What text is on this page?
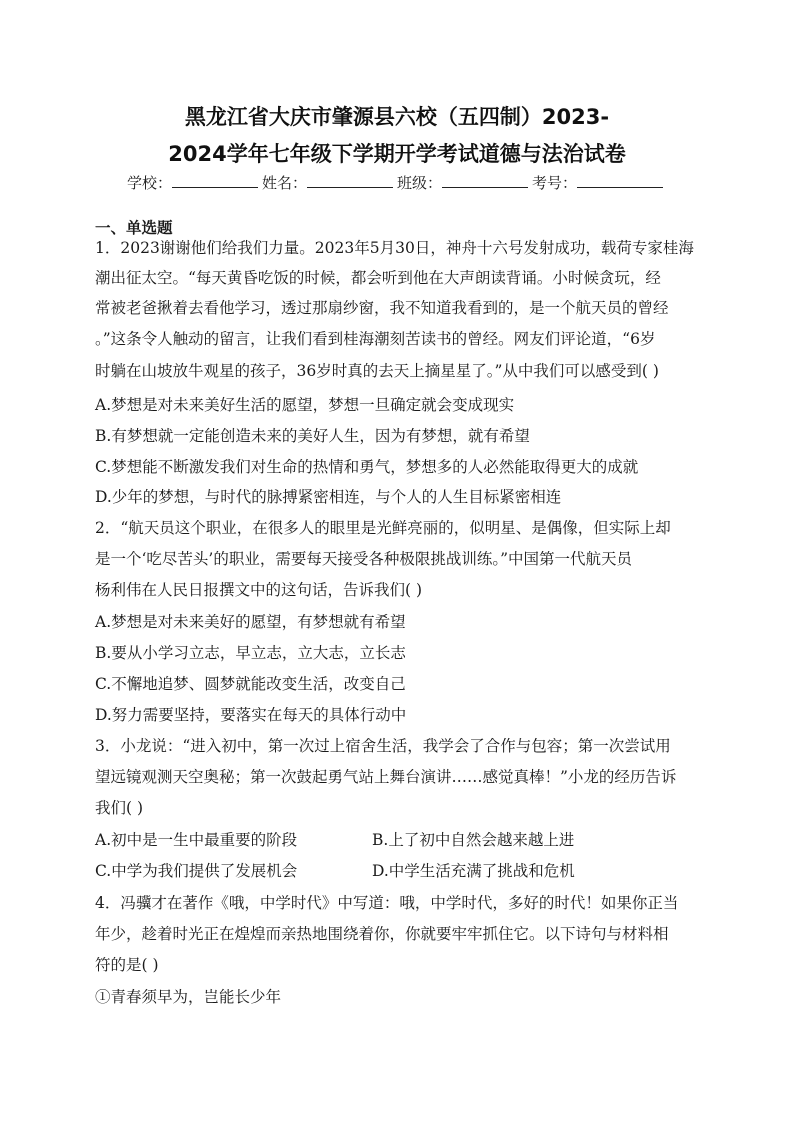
黑龙江省大庆市肇源县六校（五四制）2023-
2024学年七年级下学期开学考试道德与法治试卷
学校：	姓名：	班级：	考号：
一、单选题
1．2023谢谢他们给我们力量。2023年5月30日，神舟十六号发射成功，载荷专家桂海
潮出征太空。“每天黄昏吃饭的时候，都会听到他在大声朗读背诵。小时候贪玩，经
常被老爸揪着去看他学习，透过那扇纱窗，我不知道我看到的，是一个航天员的曾经
。”这条令人触动的留言，让我们看到桂海潮刻苦读书的曾经。网友们评论道，“6岁
时躺在山坡放牛观星的孩子，36岁时真的去天上摘星星了。”从中我们可以感受到( )
A.梦想是对未来美好生活的愿望，梦想一旦确定就会变成现实
B.有梦想就一定能创造未来的美好人生，因为有梦想，就有希望
C.梦想能不断激发我们对生命的热情和勇气，梦想多的人必然能取得更大的成就
D.少年的梦想，与时代的脉搏紧密相连，与个人的人生目标紧密相连
2．“航天员这个职业，在很多人的眼里是光鲜亮丽的，似明星、是偶像，但实际上却
是一个‘吃尽苦头’的职业，需要每天接受各种极限挑战训练。”中国第一代航天员
杨利伟在人民日报撰文中的这句话，告诉我们( )
A.梦想是对未来美好的愿望，有梦想就有希望
B.要从小学习立志，早立志，立大志，立长志
C.不懈地追梦、圆梦就能改变生活，改变自己
D.努力需要坚持，要落实在每天的具体行动中
3．小龙说：“进入初中，第一次过上宿舍生活，我学会了合作与包容；第一次尝试用
望远镜观测天空奥秘；第一次鼓起勇气站上舞台演讲……感觉真棒！”小龙的经历告诉
我们( )
A.初中是一生中最重要的阶段	B.上了初中自然会越来越上进
C.中学为我们提供了发展机会	D.中学生活充满了挑战和危机
4．冯骥才在著作《哦，中学时代》中写道：哦，中学时代，多好的时代！如果你正当
年少，趁着时光正在煌煌而亲热地围绕着你，你就要牢牢抓住它。以下诗句与材料相
符的是( )
①青春须早为，岂能长少年
